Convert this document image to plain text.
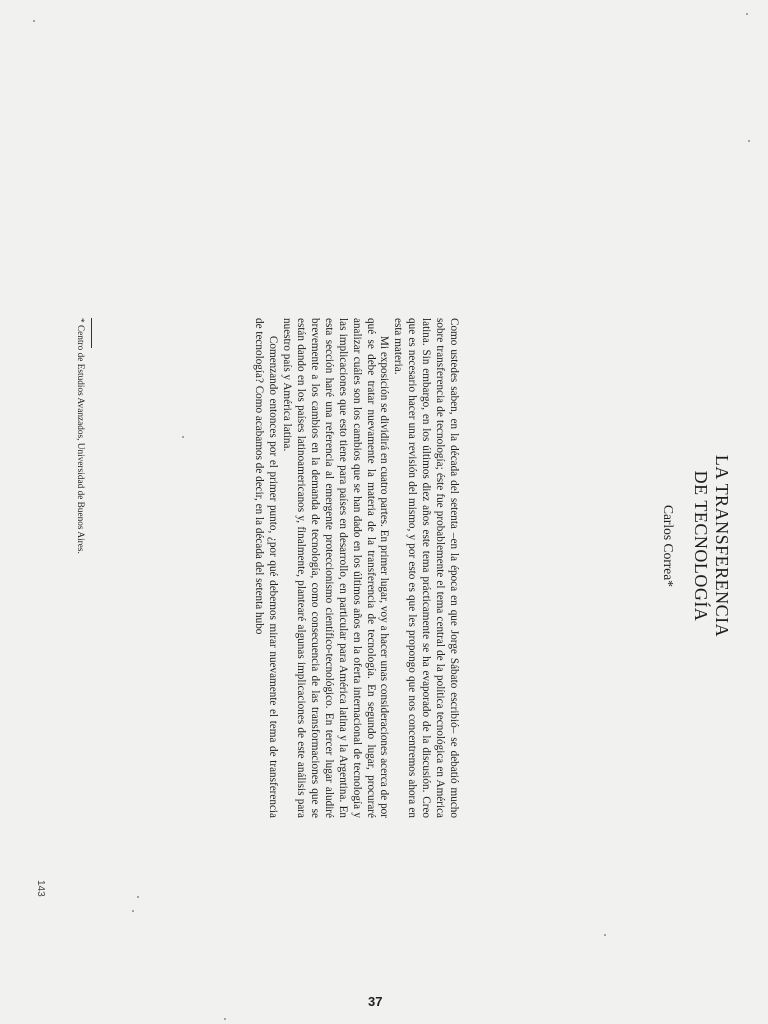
LA TRANSFERENCIA
DE TECNOLOGÍA
Carlos Correa*

Como ustedes saben, en la década del setenta –en la época en que Jorge Sábato escribió– se debatió mucho sobre transferencia de tecnología; éste fue probablemente el tema central de la política tecnológica en América latina. Sin embargo, en los últimos diez años este tema prácticamente se ha evaporado de la discusión. Creo que es necesario hacer una revisión del mismo, y por esto es que les propongo que nos concentremos ahora en esta materia.

Mi exposición se dividirá en cuatro partes. En primer lugar, voy a hacer unas consideraciones acerca de por qué se debe tratar nuevamente la materia de la transferencia de tecnología. En segundo lugar, procuraré analizar cuáles son los cambios que se han dado en los últimos años en la oferta internacional de tecnología y las implicaciones que esto tiene para países en desarrollo, en particular para América latina y la Argentina. En esta sección haré una referencia al emergente proteccionismo científico-tecnológico. En tercer lugar aludiré brevemente a los cambios en la demanda de tecnología, como consecuencia de las transformaciones que se están dando en los países latinoamericanos y, finalmente, plantearé algunas implicaciones de este análisis para nuestro país y América latina.

Comenzando entonces por el primer punto, ¿por qué debemos mirar nuevamente el tema de transferencia de tecnología? Como acabamos de decir, en la década del setenta hubo

* Centro de Estudios Avanzados, Universidad de Buenos Aires.
143
37
